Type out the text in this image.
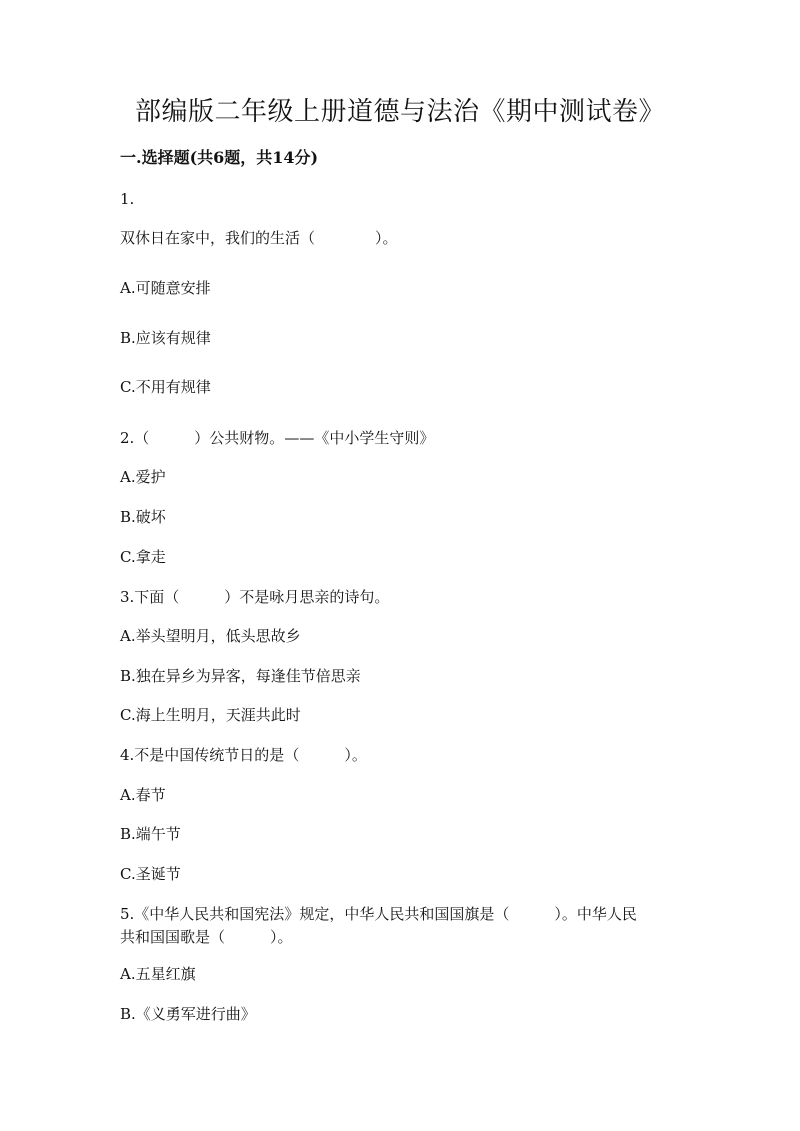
部编版二年级上册道德与法治《期中测试卷》
一.选择题(共6题，共14分)
1.
双休日在家中，我们的生活（　　　　）。
A.可随意安排
B.应该有规律
C.不用有规律
2.（　　　）公共财物。——《中小学生守则》
A.爱护
B.破坏
C.拿走
3.下面（　　　）不是咏月思亲的诗句。
A.举头望明月，低头思故乡
B.独在异乡为异客，每逢佳节倍思亲
C.海上生明月，天涯共此时
4.不是中国传统节日的是（　　　）。
A.春节
B.端午节
C.圣诞节
5.《中华人民共和国宪法》规定，中华人民共和国国旗是（　　　）。中华人民
共和国国歌是（　　　）。
A.五星红旗
B.《义勇军进行曲》
